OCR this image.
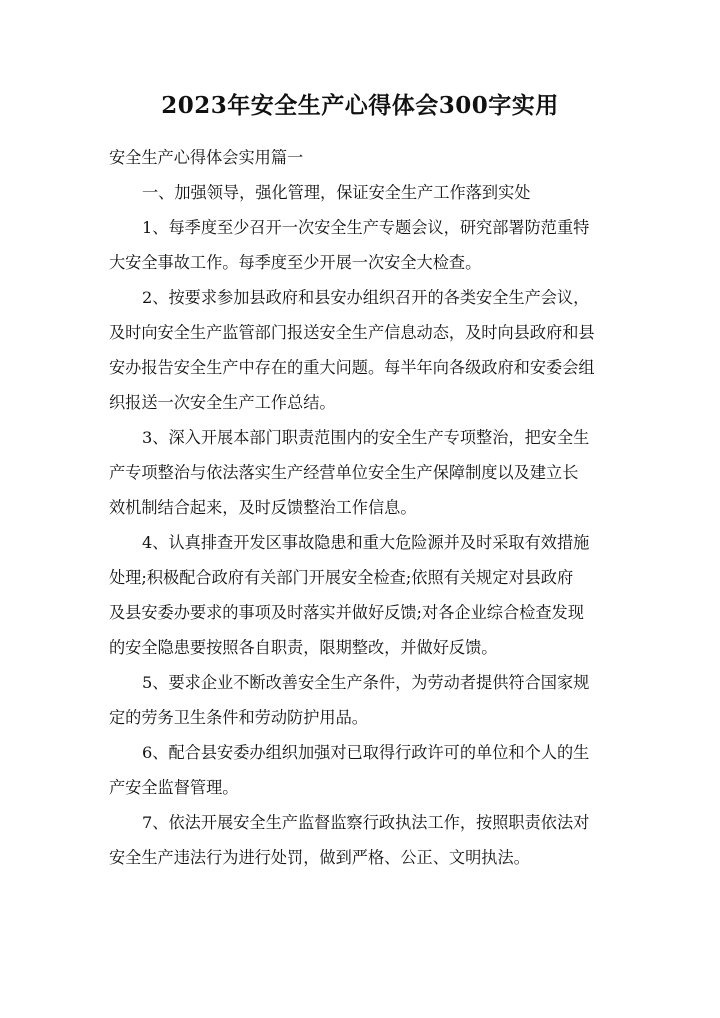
2023年安全生产心得体会300字实用
安全生产心得体会实用篇一
一、加强领导，强化管理，保证安全生产工作落到实处
1、每季度至少召开一次安全生产专题会议，研究部署防范重特
大安全事故工作。每季度至少开展一次安全大检查。
2、按要求参加县政府和县安办组织召开的各类安全生产会议，
及时向安全生产监管部门报送安全生产信息动态，及时向县政府和县
安办报告安全生产中存在的重大问题。每半年向各级政府和安委会组
织报送一次安全生产工作总结。
3、深入开展本部门职责范围内的安全生产专项整治，把安全生
产专项整治与依法落实生产经营单位安全生产保障制度以及建立长
效机制结合起来，及时反馈整治工作信息。
4、认真排查开发区事故隐患和重大危险源并及时采取有效措施
处理;积极配合政府有关部门开展安全检查;依照有关规定对县政府
及县安委办要求的事项及时落实并做好反馈;对各企业综合检查发现
的安全隐患要按照各自职责，限期整改，并做好反馈。
5、要求企业不断改善安全生产条件，为劳动者提供符合国家规
定的劳务卫生条件和劳动防护用品。
6、配合县安委办组织加强对已取得行政许可的单位和个人的生
产安全监督管理。
7、依法开展安全生产监督监察行政执法工作，按照职责依法对
安全生产违法行为进行处罚，做到严格、公正、文明执法。
